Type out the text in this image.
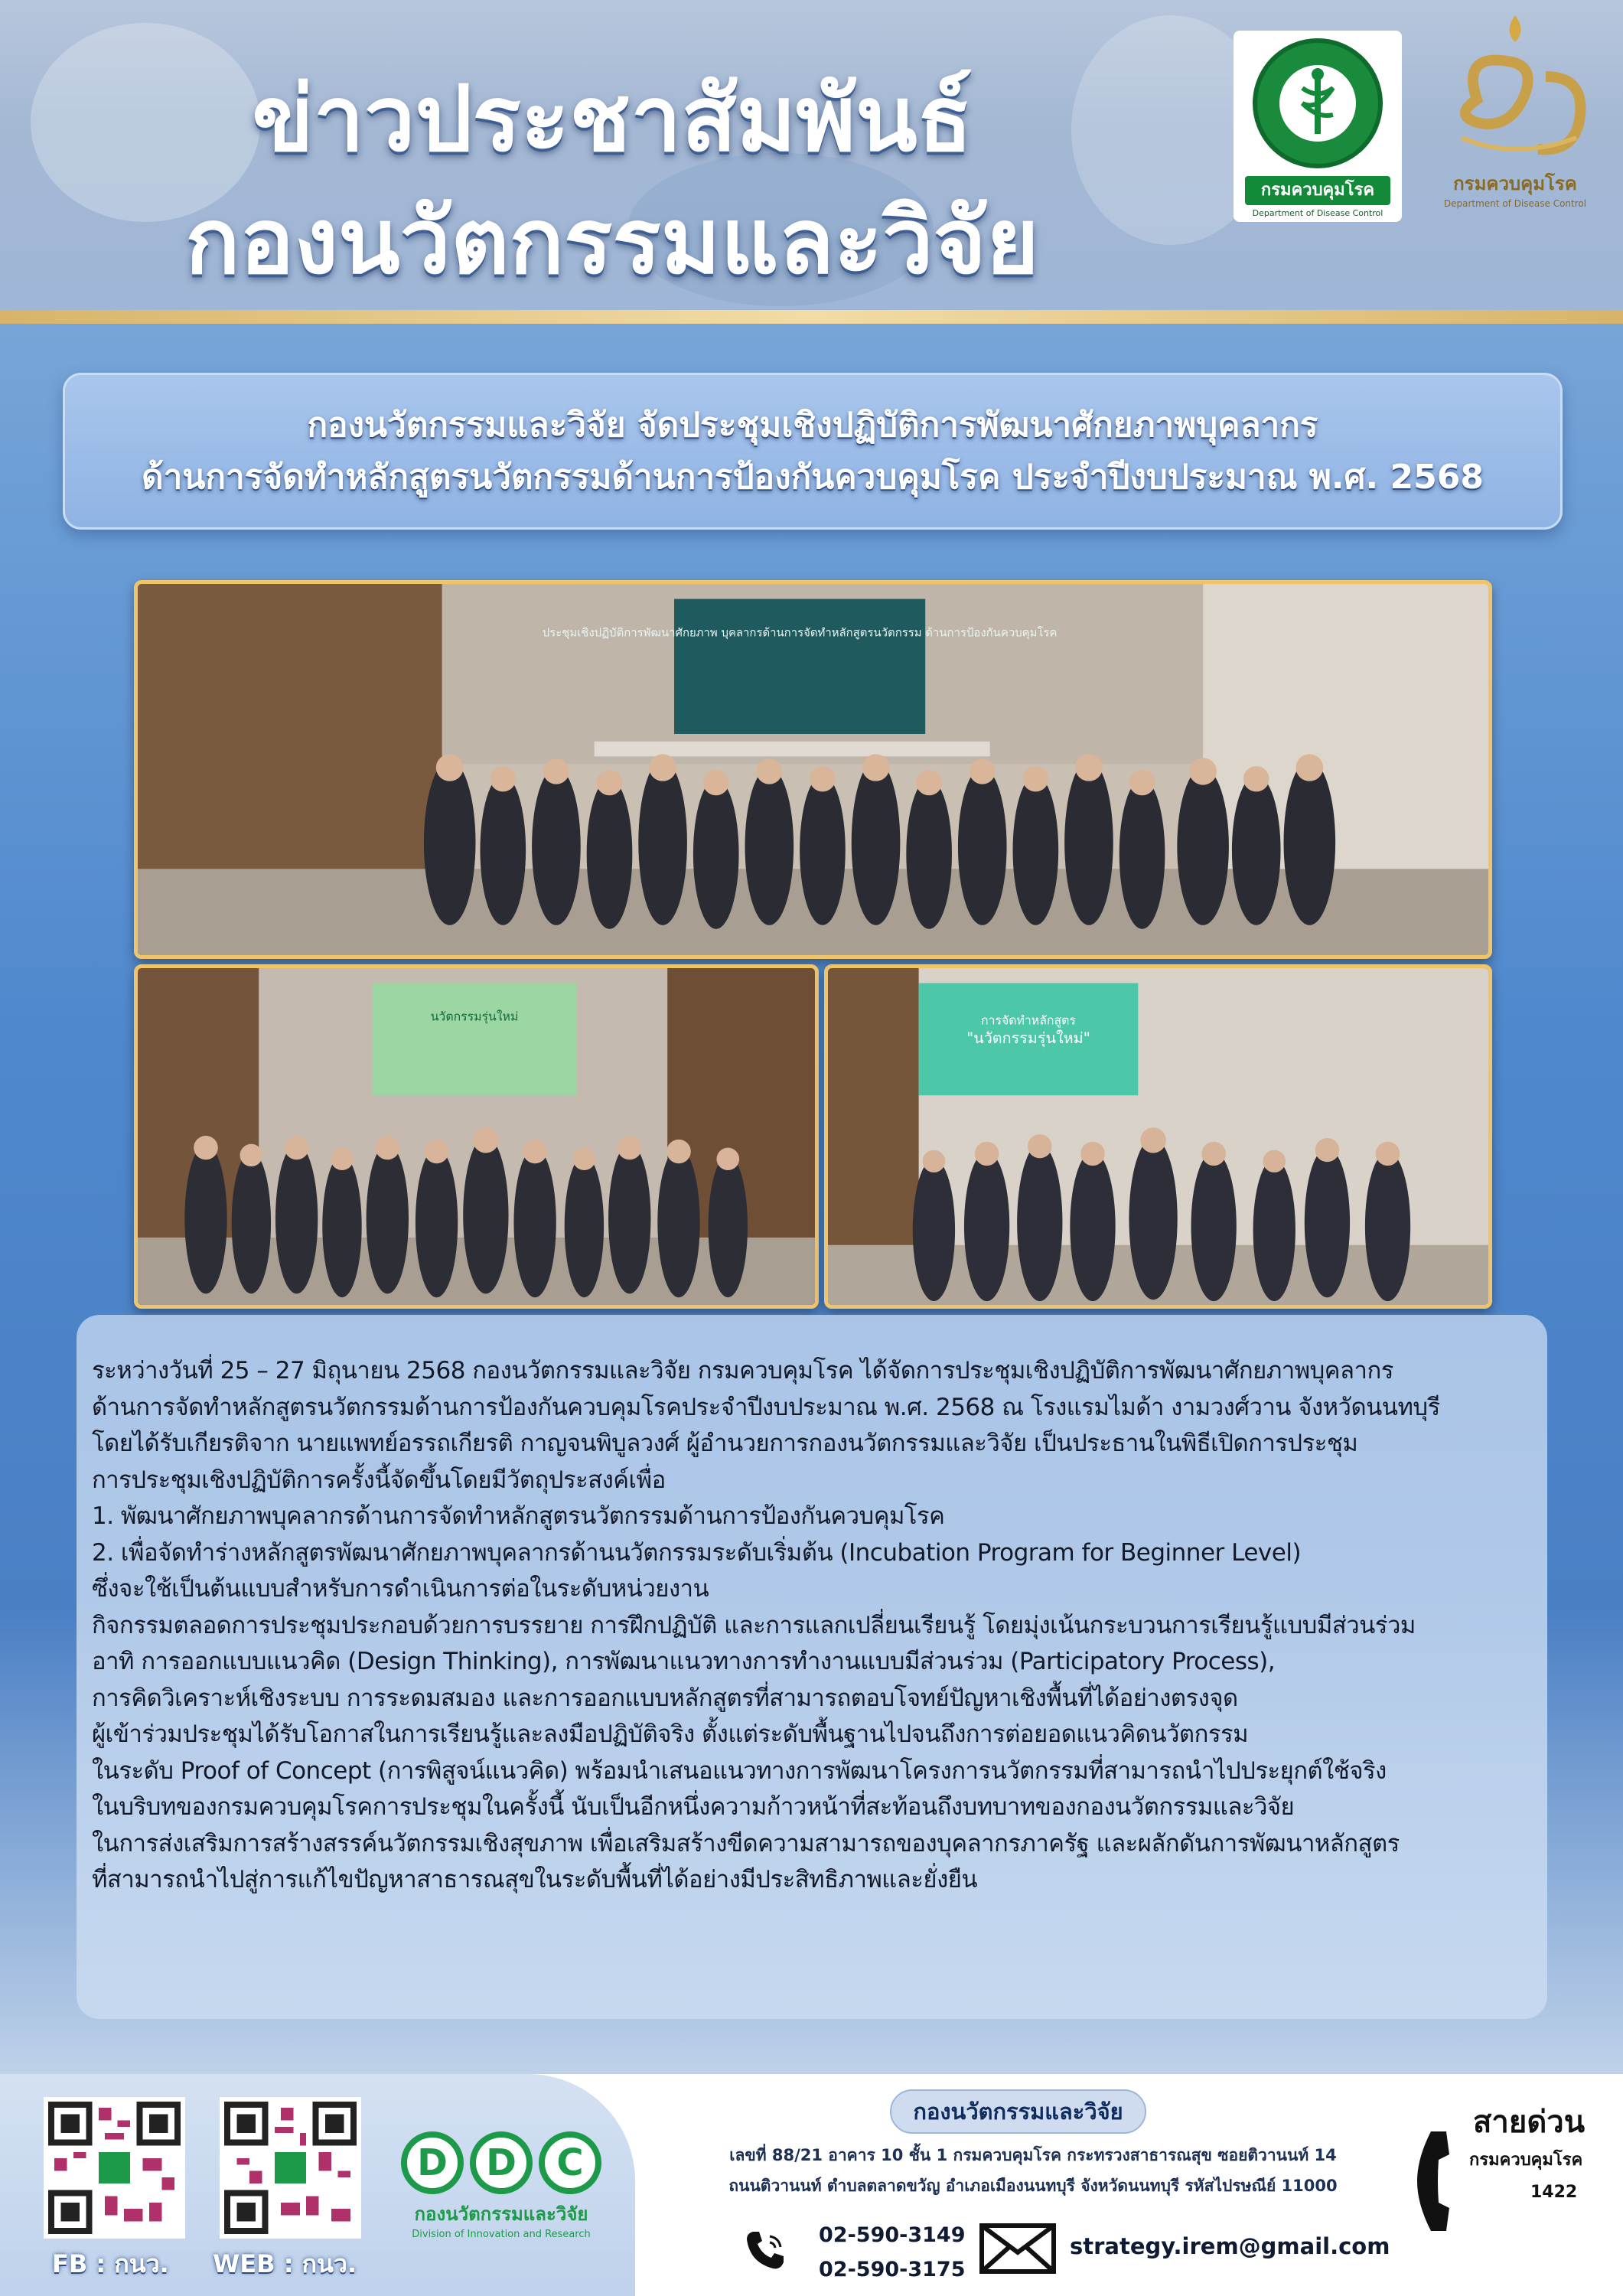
ข่าวประชาสัมพันธ์
กองนวัตกรรมและวิจัย	กรมควบคุมโรค
Department of Disease Control
กรมควบคุมโรค
Department of Disease Control
กองนวัตกรรมและวิจัย จัดประชุมเชิงปฏิบัติการพัฒนาศักยภาพบุคลากร
ด้านการจัดทำหลักสูตรนวัตกรรมด้านการป้องกันควบคุมโรค ประจำปีงบประมาณ พ.ศ. 2568
ประชุมเชิงปฏิบัติการพัฒนาศักยภาพ บุคลากรด้านการจัดทำหลักสูตรนวัตกรรม ด้านการป้องกันควบคุมโรค
นวัตกรรมรุ่นใหม่	การจัดทำหลักสูตร
"นวัตกรรมรุ่นใหม่"

ระหว่างวันที่ 25 – 27 มิถุนายน 2568 กองนวัตกรรมและวิจัย กรมควบคุมโรค ได้จัดการประชุมเชิงปฏิบัติการพัฒนาศักยภาพบุคลากร

ด้านการจัดทำหลักสูตรนวัตกรรมด้านการป้องกันควบคุมโรคประจำปีงบประมาณ พ.ศ. 2568 ณ โรงแรมไมด้า งามวงศ์วาน จังหวัดนนทบุรี

โดยได้รับเกียรติจาก นายแพทย์อรรถเกียรติ กาญจนพิบูลวงศ์ ผู้อำนวยการกองนวัตกรรมและวิจัย เป็นประธานในพิธีเปิดการประชุม

การประชุมเชิงปฏิบัติการครั้งนี้จัดขึ้นโดยมีวัตถุประสงค์เพื่อ

1. พัฒนาศักยภาพบุคลากรด้านการจัดทำหลักสูตรนวัตกรรมด้านการป้องกันควบคุมโรค

2. เพื่อจัดทำร่างหลักสูตรพัฒนาศักยภาพบุคลากรด้านนวัตกรรมระดับเริ่มต้น (Incubation Program for Beginner Level)

ซึ่งจะใช้เป็นต้นแบบสำหรับการดำเนินการต่อในระดับหน่วยงาน

กิจกรรมตลอดการประชุมประกอบด้วยการบรรยาย การฝึกปฏิบัติ และการแลกเปลี่ยนเรียนรู้ โดยมุ่งเน้นกระบวนการเรียนรู้แบบมีส่วนร่วม

อาทิ การออกแบบแนวคิด (Design Thinking), การพัฒนาแนวทางการทำงานแบบมีส่วนร่วม (Participatory Process),

การคิดวิเคราะห์เชิงระบบ การระดมสมอง และการออกแบบหลักสูตรที่สามารถตอบโจทย์ปัญหาเชิงพื้นที่ได้อย่างตรงจุด

ผู้เข้าร่วมประชุมได้รับโอกาสในการเรียนรู้และลงมือปฏิบัติจริง ตั้งแต่ระดับพื้นฐานไปจนถึงการต่อยอดแนวคิดนวัตกรรม

ในระดับ Proof of Concept (การพิสูจน์แนวคิด) พร้อมนำเสนอแนวทางการพัฒนาโครงการนวัตกรรมที่สามารถนำไปประยุกต์ใช้จริง

ในบริบทของกรมควบคุมโรคการประชุมในครั้งนี้ นับเป็นอีกหนึ่งความก้าวหน้าที่สะท้อนถึงบทบาทของกองนวัตกรรมและวิจัย

ในการส่งเสริมการสร้างสรรค์นวัตกรรมเชิงสุขภาพ เพื่อเสริมสร้างขีดความสามารถของบุคลากรภาครัฐ และผลักดันการพัฒนาหลักสูตร

ที่สามารถนำไปสู่การแก้ไขปัญหาสาธารณสุขในระดับพื้นที่ได้อย่างมีประสิทธิภาพและยั่งยืน

FB : กนว. WEB : กนว.
D	D	C
กองนวัตกรรมและวิจัย
Division of Innovation and Research
กองนวัตกรรมและวิจัย
เลขที่ 88/21 อาคาร 10 ชั้น 1 กรมควบคุมโรค กระทรวงสาธารณสุข ซอยติวานนท์ 14
ถนนติวานนท์ ตำบลตลาดขวัญ อำเภอเมืองนนทบุรี จังหวัดนนทบุรี รหัสไปรษณีย์ 11000
02-590-3149
02-590-3175
strategy.irem@gmail.com
สายด่วน
กรมควบคุมโรค
1422
